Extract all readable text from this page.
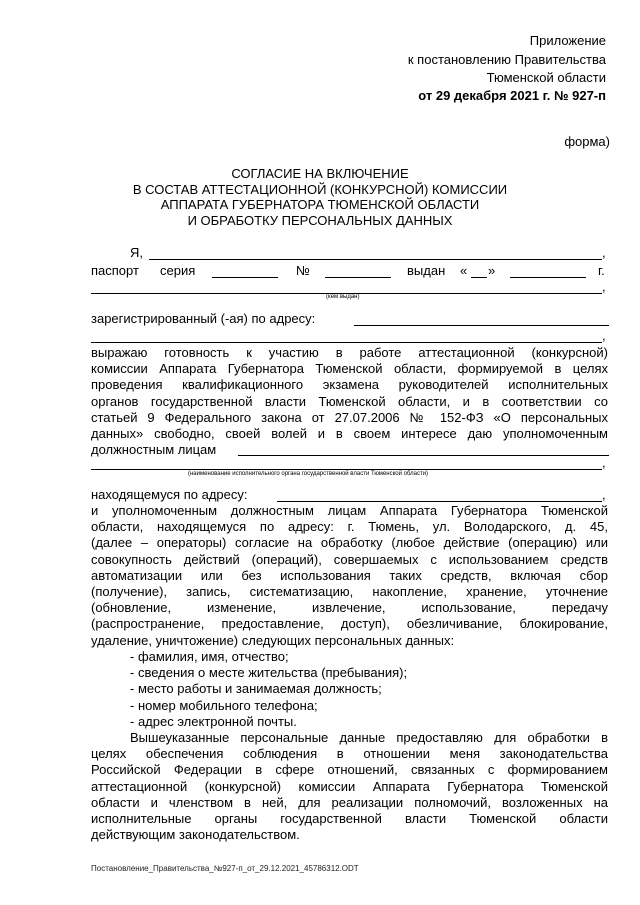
Приложение
к постановлению Правительства
Тюменской области
от 29 декабря 2021 г. № 927-п
форма)
СОГЛАСИЕ НА ВКЛЮЧЕНИЕ
В СОСТАВ АТТЕСТАЦИОННОЙ (КОНКУРСНОЙ) КОМИССИИ
АППАРАТА ГУБЕРНАТОРА ТЮМЕНСКОЙ ОБЛАСТИ
И ОБРАБОТКУ ПЕРСОНАЛЬНЫХ ДАННЫХ
Я,	,
паспорт серия	№	выдан « »	г.
,
(кем выдан)
зарегистрированный (-ая) по адресу:
,
выражаю готовность к участию в работе аттестационной (конкурсной)
комиссии Аппарата Губернатора Тюменской области, формируемой в целях
проведения квалификационного экзамена руководителей исполнительных
органов государственной власти Тюменской области, и в соответствии со
статьей 9 Федерального закона от 27.07.2006 № 152-ФЗ «О персональных
данных» свободно, своей волей и в своем интересе даю уполномоченным
должностным лицам
,
(наименование исполнительного органа государственной власти Тюменской области)
находящемуся по адресу:	,
и уполномоченным должностным лицам Аппарата Губернатора Тюменской
области, находящемуся по адресу: г. Тюмень, ул. Володарского, д. 45,
(далее – операторы) согласие на обработку (любое действие (операцию) или
совокупность действий (операций), совершаемых с использованием средств
автоматизации или без использования таких средств, включая сбор
(получение), запись, систематизацию, накопление, хранение, уточнение
(обновление, изменение, извлечение, использование, передачу
(распространение, предоставление, доступ), обезличивание, блокирование,
удаление, уничтожение) следующих персональных данных:
- фамилия, имя, отчество;
- сведения о месте жительства (пребывания);
- место работы и занимаемая должность;
- номер мобильного телефона;
- адрес электронной почты.
Вышеуказанные персональные данные предоставляю для обработки в
целях обеспечения соблюдения в отношении меня законодательства
Российской Федерации в сфере отношений, связанных с формированием
аттестационной (конкурсной) комиссии Аппарата Губернатора Тюменской
области и членством в ней, для реализации полномочий, возложенных на
исполнительные органы государственной власти Тюменской области
действующим законодательством.
Постановление_Правительства_№927-п_от_29.12.2021_45786312.ODT
